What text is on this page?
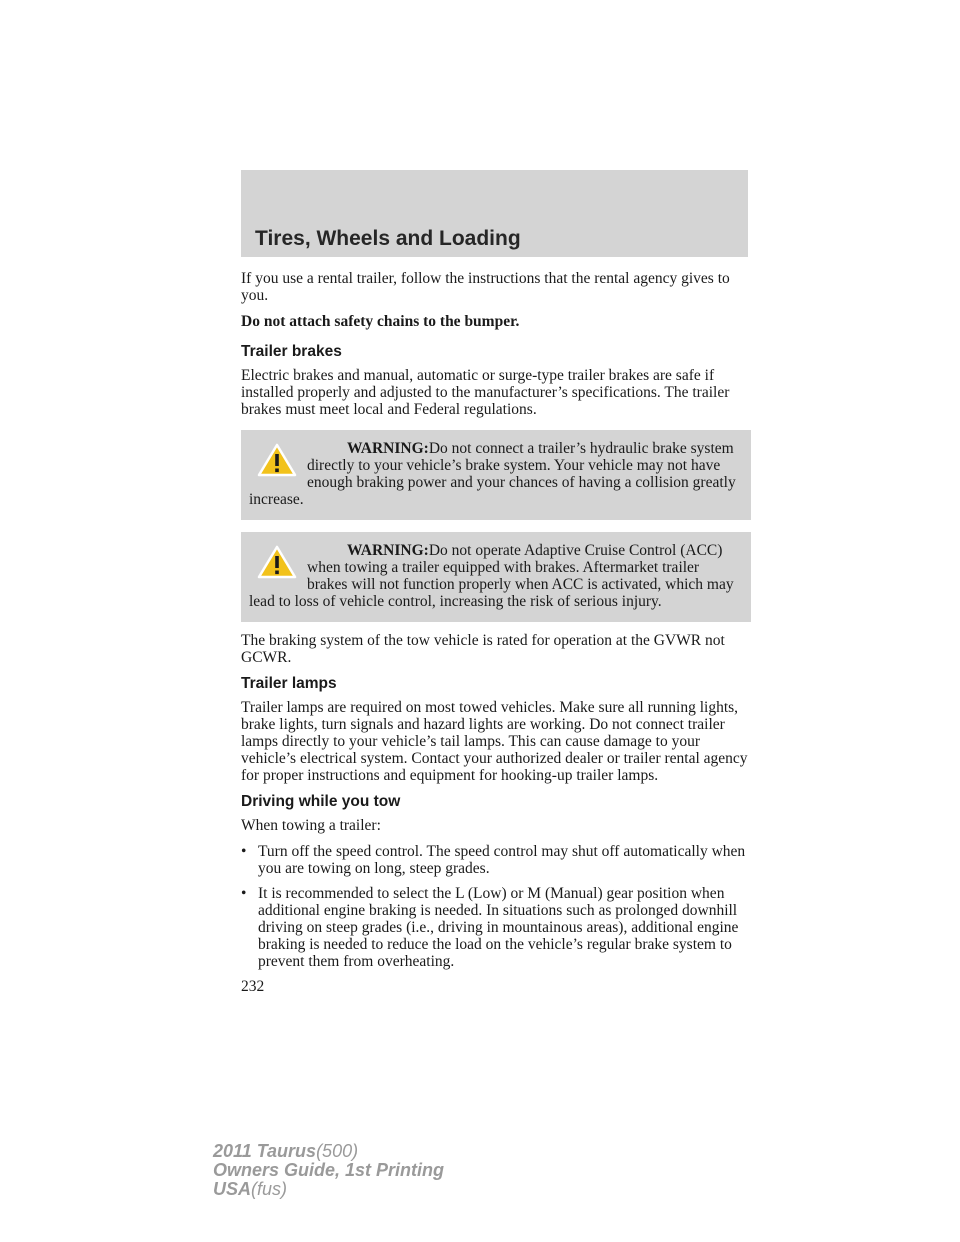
Tires, Wheels and Loading

If you use a rental trailer, follow the instructions that the rental agency gives to you.

Do not attach safety chains to the bumper.

Trailer brakes

Electric brakes and manual, automatic or surge-type trailer brakes are safe if installed properly and adjusted to the manufacturer’s specifications. The trailer brakes must meet local and Federal regulations.

WARNING:Do not connect a trailer’s hydraulic brake system directly to your vehicle’s brake system. Your vehicle may not have enough braking power and your chances of having a collision greatly increase.

WARNING:Do not operate Adaptive Cruise Control (ACC) when towing a trailer equipped with brakes. Aftermarket trailer brakes will not function properly when ACC is activated, which may lead to loss of vehicle control, increasing the risk of serious injury.

The braking system of the tow vehicle is rated for operation at the GVWR not GCWR.

Trailer lamps

Trailer lamps are required on most towed vehicles. Make sure all running lights, brake lights, turn signals and hazard lights are working. Do not connect trailer lamps directly to your vehicle’s tail lamps. This can cause damage to your vehicle’s electrical system. Contact your authorized dealer or trailer rental agency for proper instructions and equipment for hooking-up trailer lamps.

Driving while you tow

When towing a trailer:

• Turn off the speed control. The speed control may shut off automatically when you are towing on long, steep grades.
• It is recommended to select the L (Low) or M (Manual) gear position when additional engine braking is needed. In situations such as prolonged downhill driving on steep grades (i.e., driving in mountainous areas), additional engine braking is needed to reduce the load on the vehicle’s regular brake system to prevent them from overheating.

232

2011 Taurus(500)
Owners Guide, 1st Printing
USA(fus)
